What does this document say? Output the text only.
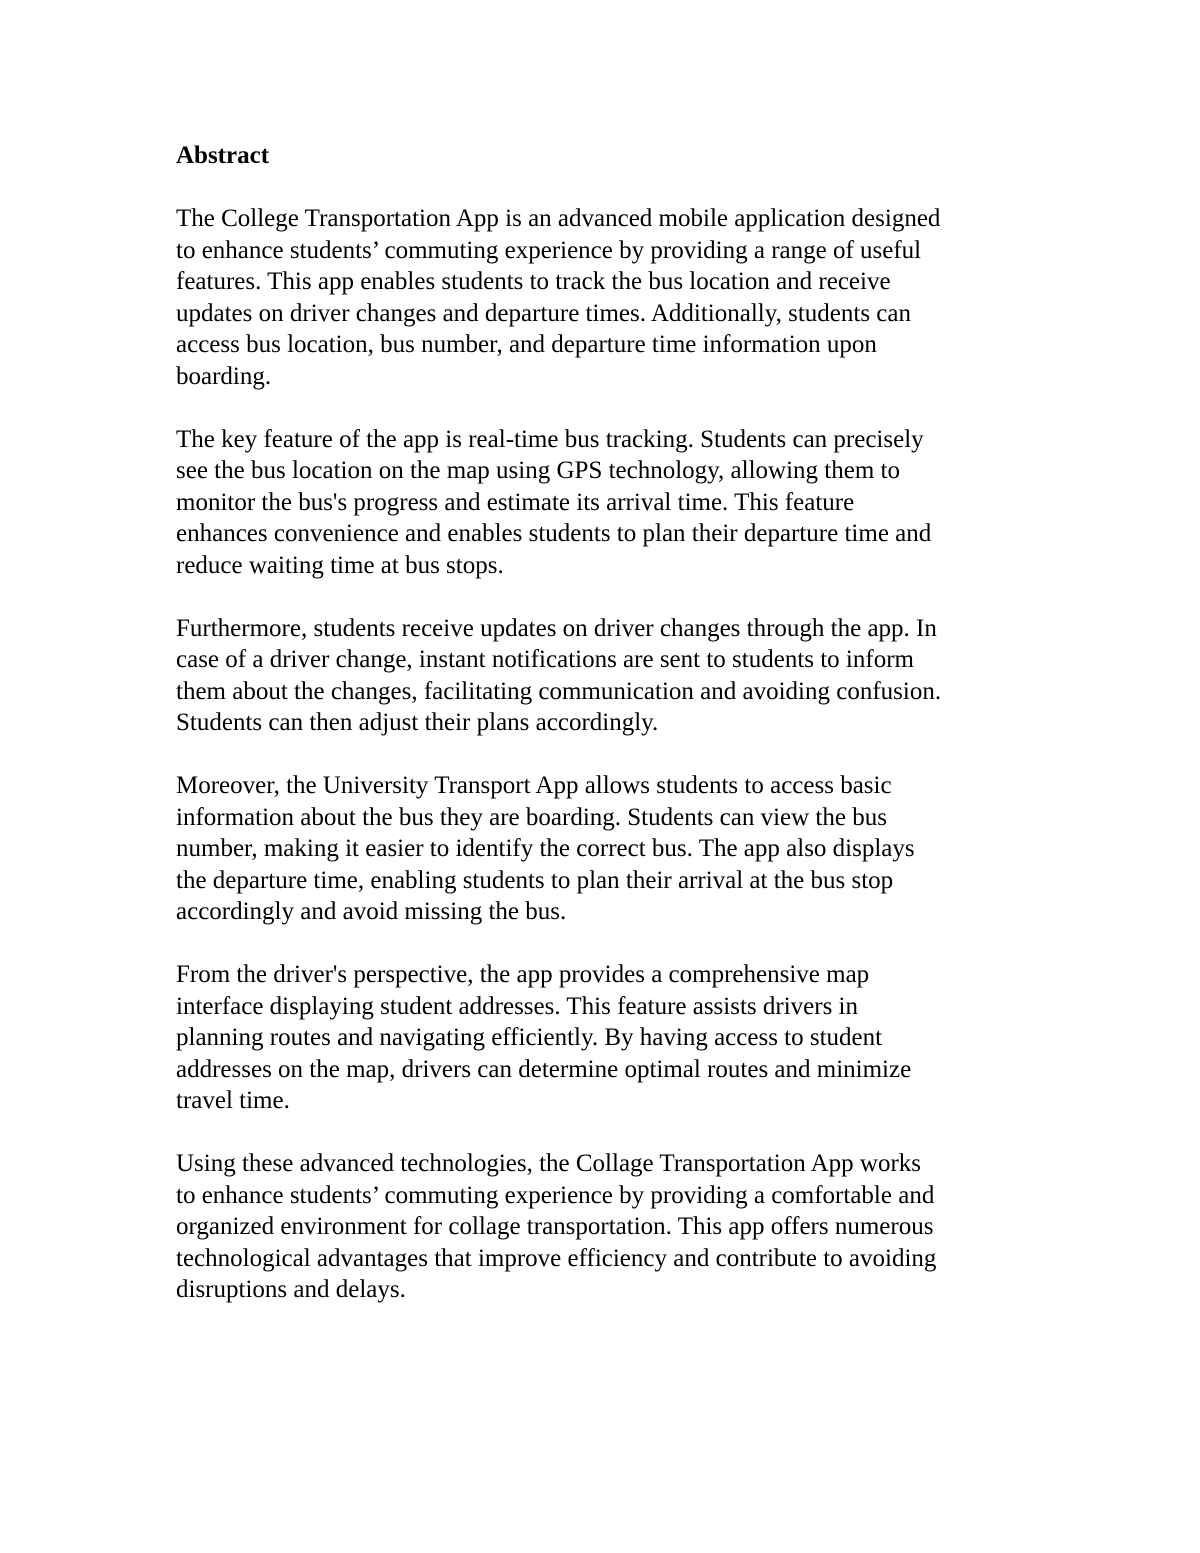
Abstract
The College Transportation App is an advanced mobile application designed
to enhance students’ commuting experience by providing a range of useful
features. This app enables students to track the bus location and receive
updates on driver changes and departure times. Additionally, students can
access bus location, bus number, and departure time information upon
boarding.
The key feature of the app is real-time bus tracking. Students can precisely
see the bus location on the map using GPS technology, allowing them to
monitor the bus's progress and estimate its arrival time. This feature
enhances convenience and enables students to plan their departure time and
reduce waiting time at bus stops.
Furthermore, students receive updates on driver changes through the app. In
case of a driver change, instant notifications are sent to students to inform
them about the changes, facilitating communication and avoiding confusion.
Students can then adjust their plans accordingly.
Moreover, the University Transport App allows students to access basic
information about the bus they are boarding. Students can view the bus
number, making it easier to identify the correct bus. The app also displays
the departure time, enabling students to plan their arrival at the bus stop
accordingly and avoid missing the bus.
From the driver's perspective, the app provides a comprehensive map
interface displaying student addresses. This feature assists drivers in
planning routes and navigating efficiently. By having access to student
addresses on the map, drivers can determine optimal routes and minimize
travel time.
Using these advanced technologies, the Collage Transportation App works
to enhance students’ commuting experience by providing a comfortable and
organized environment for collage transportation. This app offers numerous
technological advantages that improve efficiency and contribute to avoiding
disruptions and delays.
